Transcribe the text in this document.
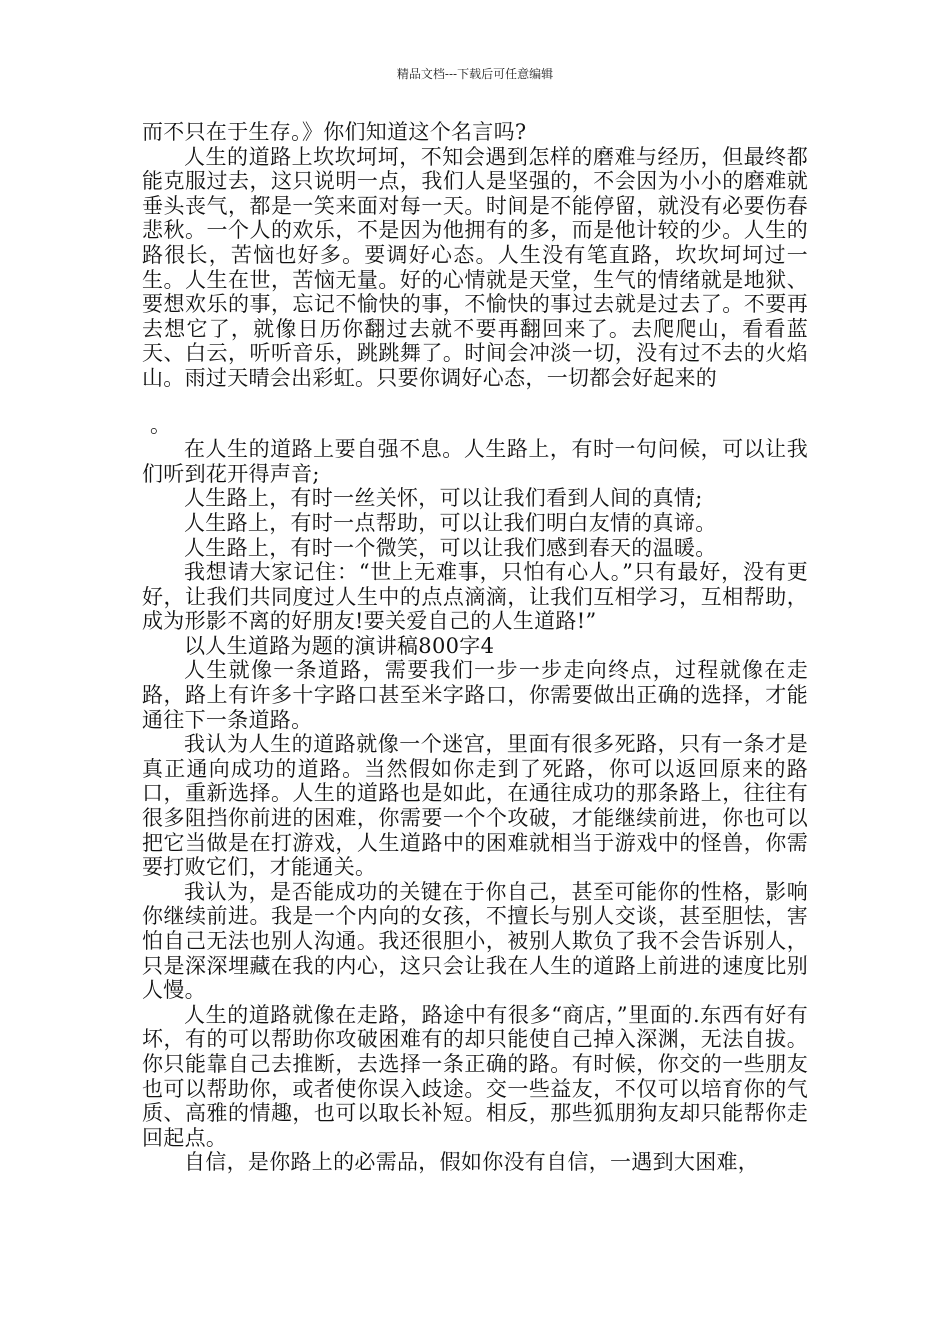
精品文档---下载后可任意编辑

而不只在于生存。》你们知道这个名言吗?

人生的道路上坎坎坷坷，不知会遇到怎样的磨难与经历，但最终都能克服过去，这只说明一点，我们人是坚强的，不会因为小小的磨难就垂头丧气，都是一笑来面对每一天。时间是不能停留，就没有必要伤春悲秋。一个人的欢乐，不是因为他拥有的多，而是他计较的少。人生的路很长，苦恼也好多。要调好心态。人生没有笔直路，坎坎坷坷过一生。人生在世，苦恼无量。好的心情就是天堂，生气的情绪就是地狱、要想欢乐的事，忘记不愉快的事，不愉快的事过去就是过去了。不要再去想它了，就像日历你翻过去就不要再翻回来了。去爬爬山，看看蓝天、白云，听听音乐，跳跳舞了。时间会冲淡一切，没有过不去的火焰山。雨过天晴会出彩虹。只要你调好心态，一切都会好起来的

。

在人生的道路上要自强不息。人生路上，有时一句问候，可以让我们听到花开得声音;

人生路上，有时一丝关怀，可以让我们看到人间的真情;

人生路上，有时一点帮助，可以让我们明白友情的真谛。

人生路上，有时一个微笑，可以让我们感到春天的温暖。

我想请大家记住：“世上无难事，只怕有心人。”只有最好，没有更好，让我们共同度过人生中的点点滴滴，让我们互相学习，互相帮助，成为形影不离的好朋友!要关爱自己的人生道路!”

以人生道路为题的演讲稿800字4

人生就像一条道路，需要我们一步一步走向终点，过程就像在走路，路上有许多十字路口甚至米字路口，你需要做出正确的选择，才能通往下一条道路。

我认为人生的道路就像一个迷宫，里面有很多死路，只有一条才是真正通向成功的道路。当然假如你走到了死路，你可以返回原来的路口，重新选择。人生的道路也是如此，在通往成功的那条路上，往往有很多阻挡你前进的困难，你需要一个个攻破，才能继续前进，你也可以把它当做是在打游戏，人生道路中的困难就相当于游戏中的怪兽，你需要打败它们，才能通关。

我认为，是否能成功的关键在于你自己，甚至可能你的性格，影响你继续前进。我是一个内向的女孩，不擅长与别人交谈，甚至胆怯，害怕自己无法也别人沟通。我还很胆小，被别人欺负了我不会告诉别人，只是深深埋藏在我的内心，这只会让我在人生的道路上前进的速度比别人慢。

人生的道路就像在走路，路途中有很多“商店，”里面的.东西有好有坏，有的可以帮助你攻破困难有的却只能使自己掉入深渊，无法自拔。你只能靠自己去推断，去选择一条正确的路。有时候，你交的一些朋友也可以帮助你，或者使你误入歧途。交一些益友，不仅可以培育你的气质、高雅的情趣，也可以取长补短。相反，那些狐朋狗友却只能帮你走回起点。

自信，是你路上的必需品，假如你没有自信，一遇到大困难，
